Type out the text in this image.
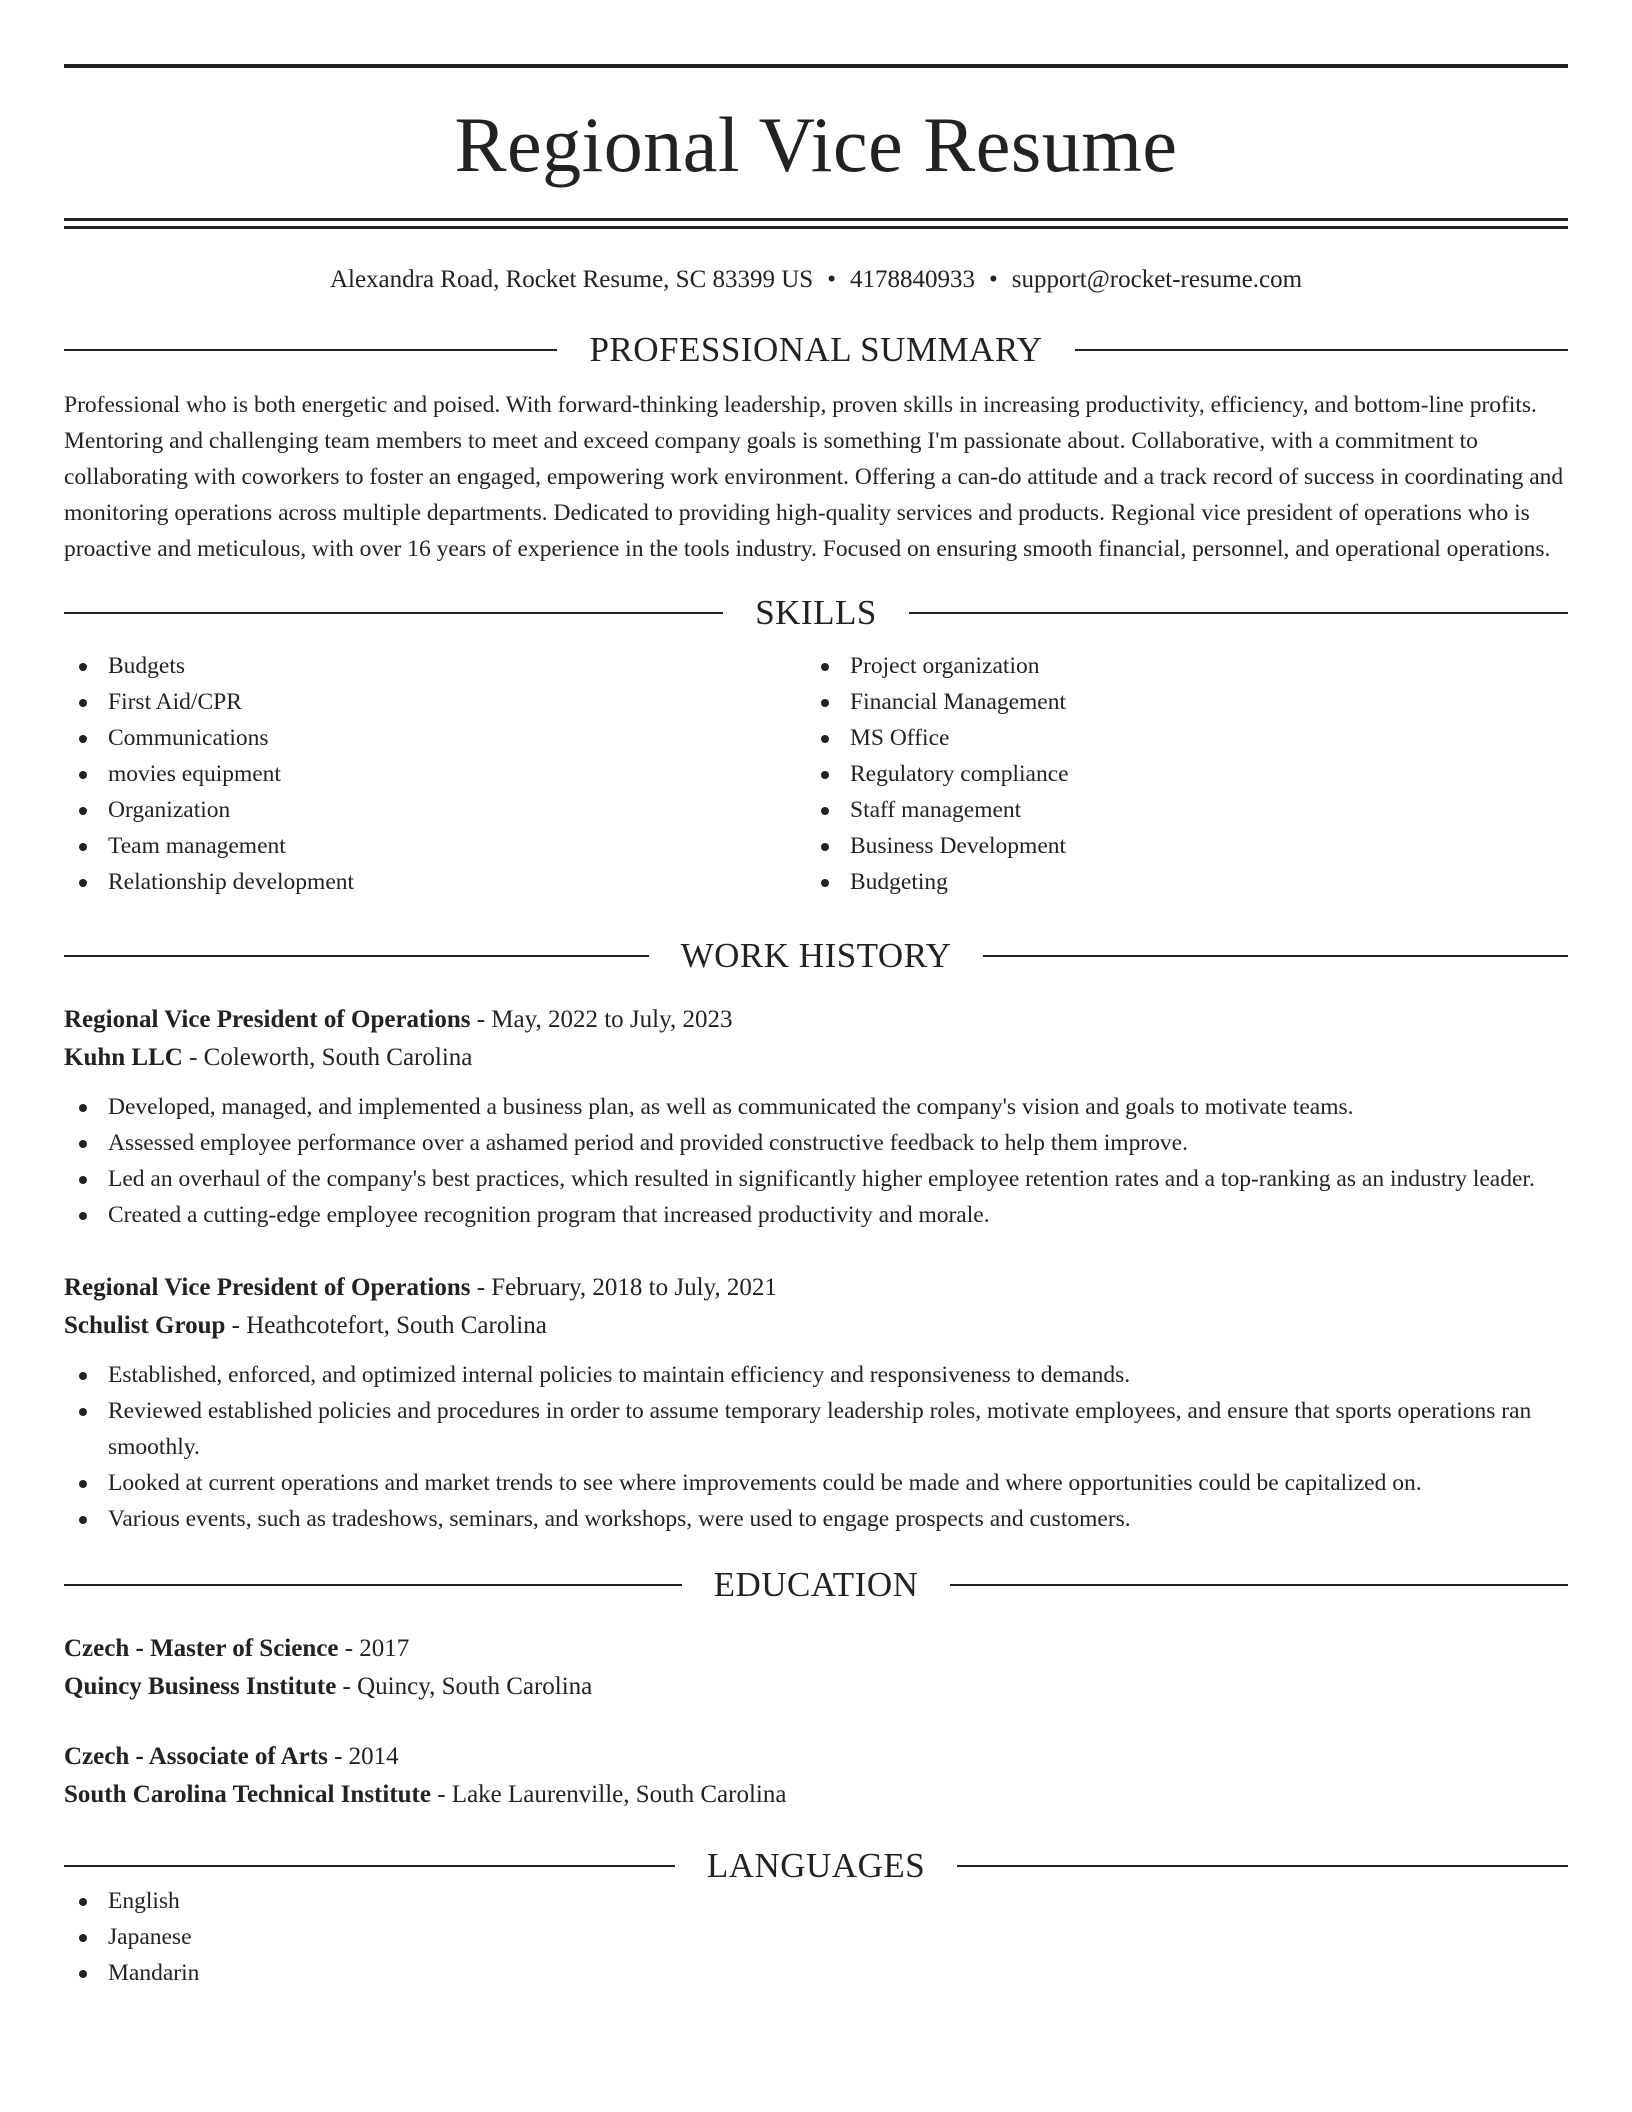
Regional Vice Resume
Alexandra Road, Rocket Resume, SC 83399 US • 4178840933 • support@rocket-resume.com
PROFESSIONAL SUMMARY

Professional who is both energetic and poised. With forward-thinking leadership, proven skills in increasing productivity, efficiency, and bottom-line profits. Mentoring and challenging team members to meet and exceed company goals is something I'm passionate about. Collaborative, with a commitment to collaborating with coworkers to foster an engaged, empowering work environment. Offering a can-do attitude and a track record of success in coordinating and monitoring operations across multiple departments. Dedicated to providing high-quality services and products. Regional vice president of operations who is proactive and meticulous, with over 16 years of experience in the tools industry. Focused on ensuring smooth financial, personnel, and operational operations.

SKILLS
Budgets
First Aid/CPR
Communications
movies equipment
Organization
Team management
Relationship development
Project organization
Financial Management
MS Office
Regulatory compliance
Staff management
Business Development
Budgeting
WORK HISTORY
Regional Vice President of Operations - May, 2022 to July, 2023
Kuhn LLC - Coleworth, South Carolina
Developed, managed, and implemented a business plan, as well as communicated the company's vision and goals to motivate teams.
Assessed employee performance over a ashamed period and provided constructive feedback to help them improve.
Led an overhaul of the company's best practices, which resulted in significantly higher employee retention rates and a top-ranking as an industry leader.
Created a cutting-edge employee recognition program that increased productivity and morale.
Regional Vice President of Operations - February, 2018 to July, 2021
Schulist Group - Heathcotefort, South Carolina
Established, enforced, and optimized internal policies to maintain efficiency and responsiveness to demands.
Reviewed established policies and procedures in order to assume temporary leadership roles, motivate employees, and ensure that sports operations ran smoothly.
Looked at current operations and market trends to see where improvements could be made and where opportunities could be capitalized on.
Various events, such as tradeshows, seminars, and workshops, were used to engage prospects and customers.
EDUCATION
Czech - Master of Science - 2017
Quincy Business Institute - Quincy, South Carolina
Czech - Associate of Arts - 2014
South Carolina Technical Institute - Lake Laurenville, South Carolina
LANGUAGES
English
Japanese
Mandarin
